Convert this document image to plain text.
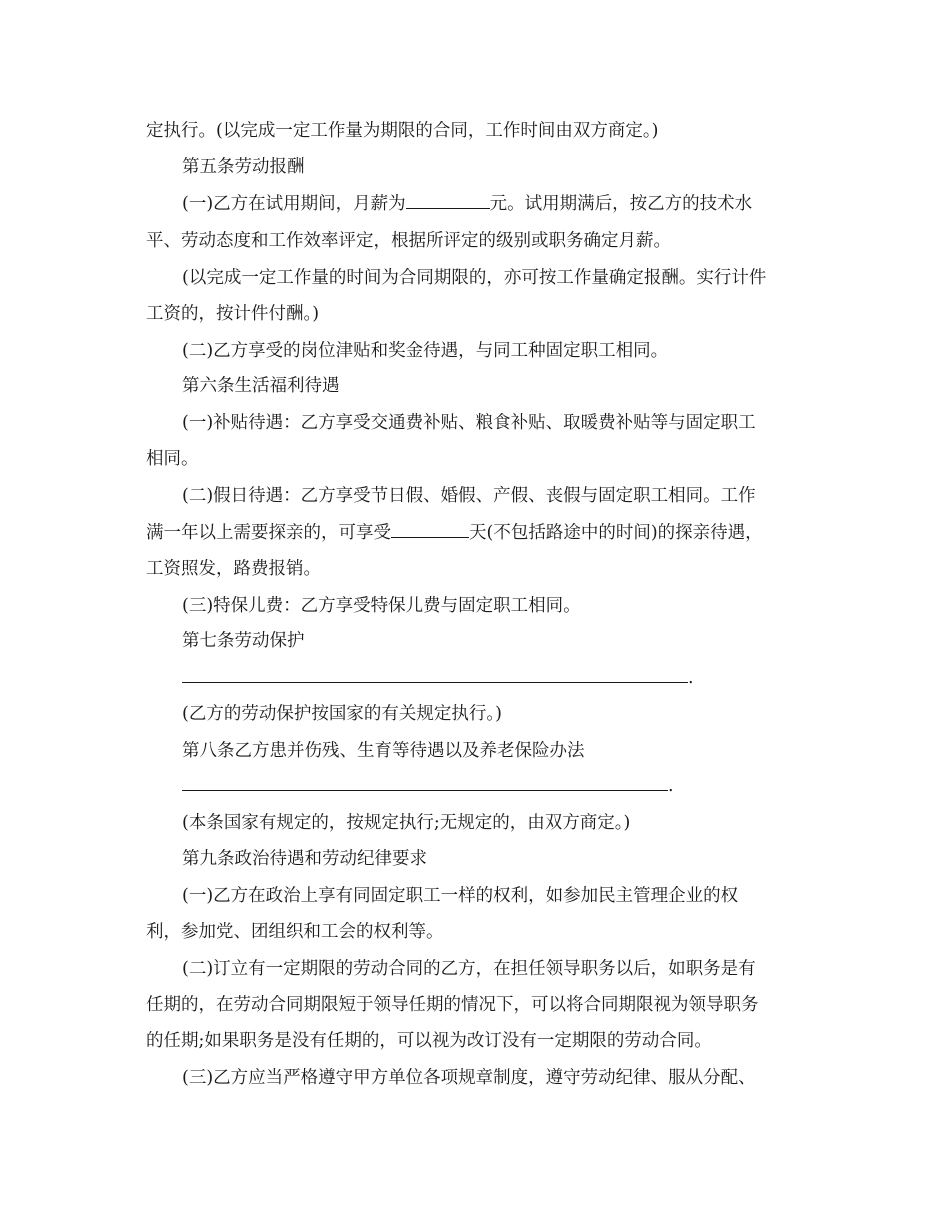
定执行。(以完成一定工作量为期限的合同，工作时间由双方商定。)

第五条劳动报酬

(一)乙方在试用期间，月薪为	元。试用期满后，按乙方的技术水

平、劳动态度和工作效率评定，根据所评定的级别或职务确定月薪。

(以完成一定工作量的时间为合同期限的，亦可按工作量确定报酬。实行计件

工资的，按计件付酬。)

(二)乙方享受的岗位津贴和奖金待遇，与同工种固定职工相同。

第六条生活福利待遇

(一)补贴待遇：乙方享受交通费补贴、粮食补贴、取暖费补贴等与固定职工

相同。

(二)假日待遇：乙方享受节日假、婚假、产假、丧假与固定职工相同。工作

满一年以上需要探亲的，可享受	天(不包括路途中的时间)的探亲待遇，

工资照发，路费报销。

(三)特保儿费：乙方享受特保儿费与固定职工相同。

第七条劳动保护

.

(乙方的劳动保护按国家的有关规定执行。)

第八条乙方患并伤残、生育等待遇以及养老保险办法

.

(本条国家有规定的，按规定执行;无规定的，由双方商定。)

第九条政治待遇和劳动纪律要求

(一)乙方在政治上享有同固定职工一样的权利，如参加民主管理企业的权

利，参加党、团组织和工会的权利等。

(二)订立有一定期限的劳动合同的乙方，在担任领导职务以后，如职务是有

任期的，在劳动合同期限短于领导任期的情况下，可以将合同期限视为领导职务

的任期;如果职务是没有任期的，可以视为改订没有一定期限的劳动合同。

(三)乙方应当严格遵守甲方单位各项规章制度，遵守劳动纪律、服从分配、
